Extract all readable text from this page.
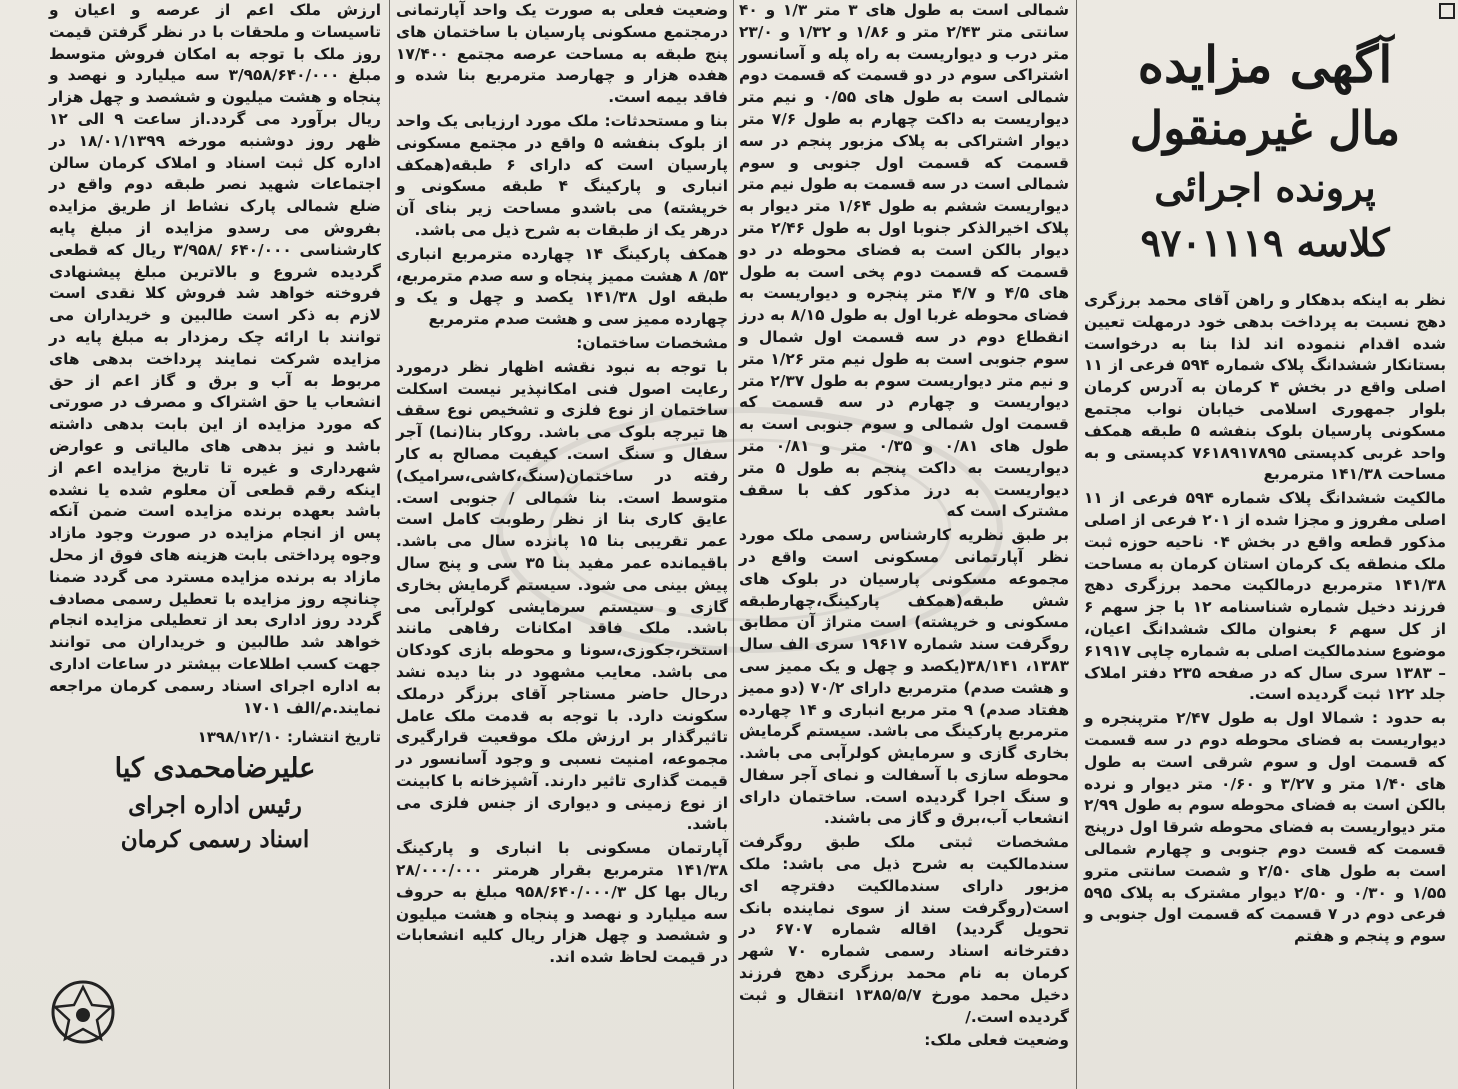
آگهی مزایده
مال غیرمنقول
پرونده اجرائی
کلاسه ۹۷۰۱۱۱۹

نظر به اینکه بدهکار و راهن آقای محمد برزگری دهج نسبت به پرداخت بدهی خود درمهلت تعیین شده اقدام ننموده اند لذا بنا به درخواست بستانکار ششدانگ پلاک شماره ۵۹۴ فرعی از ۱۱ اصلی واقع در بخش ۴ کرمان به آدرس کرمان بلوار جمهوری اسلامی خیابان نواب مجتمع مسکونی پارسیان بلوک بنفشه ۵ طبقه همکف واحد غربی کدپستی ۷۶۱۸۹۱۷۸۹۵ کدپستی و به مساحت ۱۴۱/۳۸ مترمربع

مالکیت ششدانگ پلاک شماره ۵۹۴ فرعی از ۱۱ اصلی مفروز و مجزا شده از ۲۰۱ فرعی از اصلی مذکور قطعه واقع در بخش ۰۴ ناحیه حوزه ثبت ملک منطقه یک کرمان استان کرمان به مساحت ۱۴۱/۳۸ مترمربع درمالکیت محمد برزگری دهج فرزند دخیل شماره شناسنامه ۱۲ با جز سهم ۶ از کل سهم ۶ بعنوان مالک ششدانگ اعیان، موضوع سندمالکیت اصلی به شماره چاپی ۶۱۹۱۷ – ۱۳۸۳ سری سال که در صفحه ۲۳۵ دفتر املاک جلد ۱۲۲ ثبت گردیده است.

به حدود : شمالا اول به طول ۲/۴۷ مترپنجره و دیواریست به فضای محوطه دوم در سه قسمت که قسمت اول و سوم شرقی است به طول های ۱/۴۰ متر و ۳/۲۷ و ۰/۶۰ متر دیوار و نرده بالکن است به فضای محوطه سوم به طول ۲/۹۹ متر دیواریست به فضای محوطه شرقا اول درپنج قسمت که قست دوم جنوبی و چهارم شمالی است به طول های ۲/۵۰ و شصت سانتی مترو ۱/۵۵ و ۰/۳۰ و ۲/۵۰ دیوار مشترک به پلاک ۵۹۵ فرعی دوم در ۷ قسمت که قسمت اول جنوبی و سوم و پنجم و هفتم

شمالی است به طول های ۳ متر ۱/۳ و ۴۰ سانتی متر ۲/۴۳ متر و ۱/۸۶ و ۱/۳۲ و ۲۳/۰ متر درب و دیواریست به راه پله و آسانسور اشتراکی سوم در دو قسمت که قسمت دوم شمالی است به طول های ۰/۵۵ و نیم متر دیواریست به داکت چهارم به طول ۷/۶ متر دیوار اشتراکی به پلاک مزبور پنجم در سه قسمت که قسمت اول جنوبی و سوم شمالی است در سه قسمت به طول نیم متر دیواریست ششم به طول ۱/۶۴ متر دیوار به پلاک اخیرالذکر جنوبا اول به طول ۲/۴۶ متر دیوار بالکن است به فضای محوطه در دو قسمت که قسمت دوم پخی است به طول های ۴/۵ و ۴/۷ متر پنجره و دیواریست به فضای محوطه غربا اول به طول ۸/۱۵ به درز انقطاع دوم در سه قسمت اول شمال و سوم جنوبی است به طول نیم متر ۱/۲۶ متر و نیم متر دیواریست سوم به طول ۲/۳۷ متر دیواریست و چهارم در سه قسمت که قسمت اول شمالی و سوم جنوبی است به طول های ۰/۸۱ و ۰/۳۵ متر و ۰/۸۱ متر دیواریست به داکت پنجم به طول ۵ متر دیواریست به درز مذکور کف با سقف مشترک است که

بر طبق نظریه کارشناس رسمی ملک مورد نظر آپارتمانی مسکونی است واقع در مجموعه مسکونی پارسیان در بلوک های شش طبقه(همکف پارکینگ،چهارطبقه مسکونی و خرپشته) است متراژ آن مطابق روگرفت سند شماره ۱۹۶۱۷ سری الف سال ۱۳۸۳، ۳۸/۱۴۱(یکصد و چهل و یک ممیز سی و هشت صدم) مترمربع دارای ۷۰/۲ (دو ممیز هفتاد صدم) ۹ متر مربع انباری و ۱۴ چهارده مترمربع پارکینگ می باشد. سیستم گرمایش بخاری گازی و سرمایش کولرآبی می باشد. محوطه سازی با آسفالت و نمای آجر سفال و سنگ اجرا گردیده است. ساختمان دارای انشعاب آب،برق و گاز می باشند.

مشخصات ثبتی ملک طبق روگرفت سندمالکیت به شرح ذیل می باشد: ملک مزبور دارای سندمالکیت دفترچه ای است(روگرفت سند از سوی نماینده بانک تحویل گردید) اقاله شماره ۶۷۰۷ در دفترخانه اسناد رسمی شماره ۷۰ شهر کرمان به نام محمد برزگری دهج فرزند دخیل محمد مورخ ۱۳۸۵/۵/۷ انتقال و ثبت گردیده است./

وضعیت فعلی ملک:

وضعیت فعلی به صورت یک واحد آپارتمانی درمجتمع مسکونی پارسیان با ساختمان های پنج طبقه به مساحت عرصه مجتمع ۱۷/۴۰۰ هفده هزار و چهارصد مترمربع بنا شده و فاقد بیمه است.

بنا و مستحدثات: ملک مورد ارزیابی یک واحد از بلوک بنفشه ۵ واقع در مجتمع مسکونی پارسیان است که دارای ۶ طبقه(همکف انباری و پارکینگ ۴ طبقه مسکونی و خرپشته) می باشدو مساحت زیر بنای آن درهر یک از طبقات به شرح ذیل می باشد.

همکف پارکینگ ۱۴ چهارده مترمربع انباری ۵۳/ ۸ هشت ممیز پنجاه و سه صدم مترمربع، طبقه اول ۱۴۱/۳۸ یکصد و چهل و یک و چهارده ممیز سی و هشت صدم مترمربع

مشخصات ساختمان:

با توجه به نبود نقشه اظهار نظر درمورد رعایت اصول فنی امکانپذیر نیست اسکلت ساختمان از نوع فلزی و تشخیص نوع سقف ها تیرچه بلوک می باشد. روکار بنا(نما) آجر سفال و سنگ است. کیفیت مصالح به کار رفته در ساختمان(سنگ،کاشی،سرامیک) متوسط است. بنا شمالی / جنوبی است. عایق کاری بنا از نظر رطوبت کامل است عمر تقریبی بنا ۱۵ پانزده سال می باشد. باقیمانده عمر مفید بنا ۳۵ سی و پنج سال پیش بینی می شود. سیستم گرمایش بخاری گازی و سیستم سرمایشی کولرآبی می باشد. ملک فاقد امکانات رفاهی مانند استخر،جکوزی،سونا و محوطه بازی کودکان می باشد. معایب مشهود در بنا دیده نشد درحال حاضر مستاجر آقای برزگر درملک سکونت دارد. با توجه به قدمت ملک عامل تاثیرگذار بر ارزش ملک موقعیت قرارگیری مجموعه، امنیت نسبی و وجود آسانسور در قیمت گذاری تاثیر دارند. آشپزخانه با کابینت از نوع زمینی و دیواری از جنس فلزی می باشد.

آپارتمان مسکونی با انباری و پارکینگ ۱۴۱/۳۸ مترمربع بقرار هرمتر ۲۸/۰۰۰/۰۰۰ ریال بها کل ۹۵۸/۶۴۰/۰۰۰/۳ مبلغ به حروف سه میلیارد و نهصد و پنجاه و هشت میلیون و ششصد و چهل هزار ریال کلیه انشعابات در قیمت لحاظ شده اند.

ارزش ملک اعم از عرصه و اعیان و تاسیسات و ملحقات با در نظر گرفتن قیمت روز ملک با توجه به امکان فروش متوسط مبلغ ۳/۹۵۸/۶۴۰/۰۰۰ سه میلیارد و نهصد و پنجاه و هشت میلیون و ششصد و چهل هزار ریال برآورد می گردد.از ساعت ۹ الی ۱۲ ظهر روز دوشنبه مورخه ۱۸/۰۱/۱۳۹۹ در اداره کل ثبت اسناد و املاک کرمان سالن اجتماعات شهید نصر طبقه دوم واقع در ضلع شمالی پارک نشاط از طریق مزایده بفروش می رسدو مزایده از مبلغ پایه کارشناسی ۶۴۰/۰۰۰ /۳/۹۵۸ ریال که قطعی گردیده شروع و بالاترین مبلغ پیشنهادی فروخته خواهد شد فروش کلا نقدی است لازم به ذکر است طالبین و خریداران می توانند با ارائه چک رمزدار به مبلغ پایه در مزایده شرکت نمایند پرداخت بدهی های مربوط به آب و برق و گاز اعم از حق انشعاب یا حق اشتراک و مصرف در صورتی که مورد مزایده از این بابت بدهی داشته باشد و نیز بدهی های مالیاتی و عوارض شهرداری و غیره تا تاریخ مزایده اعم از اینکه رقم قطعی آن معلوم شده یا نشده باشد بعهده برنده مزایده است ضمن آنکه پس از انجام مزایده در صورت وجود مازاد وجوه پرداختی بابت هزینه های فوق از محل مازاد به برنده مزایده مسترد می گردد ضمنا چنانچه روز مزایده با تعطیل رسمی مصادف گردد روز اداری بعد از تعطیلی مزایده انجام خواهد شد طالبین و خریداران می توانند جهت کسب اطلاعات بیشتر در ساعات اداری به اداره اجرای اسناد رسمی کرمان مراجعه نمایند.م/الف ۱۷۰۱

تاریخ انتشار: ۱۳۹۸/۱۲/۱۰
علیرضامحمدی کیا
رئیس اداره اجرای
اسناد رسمی کرمان
